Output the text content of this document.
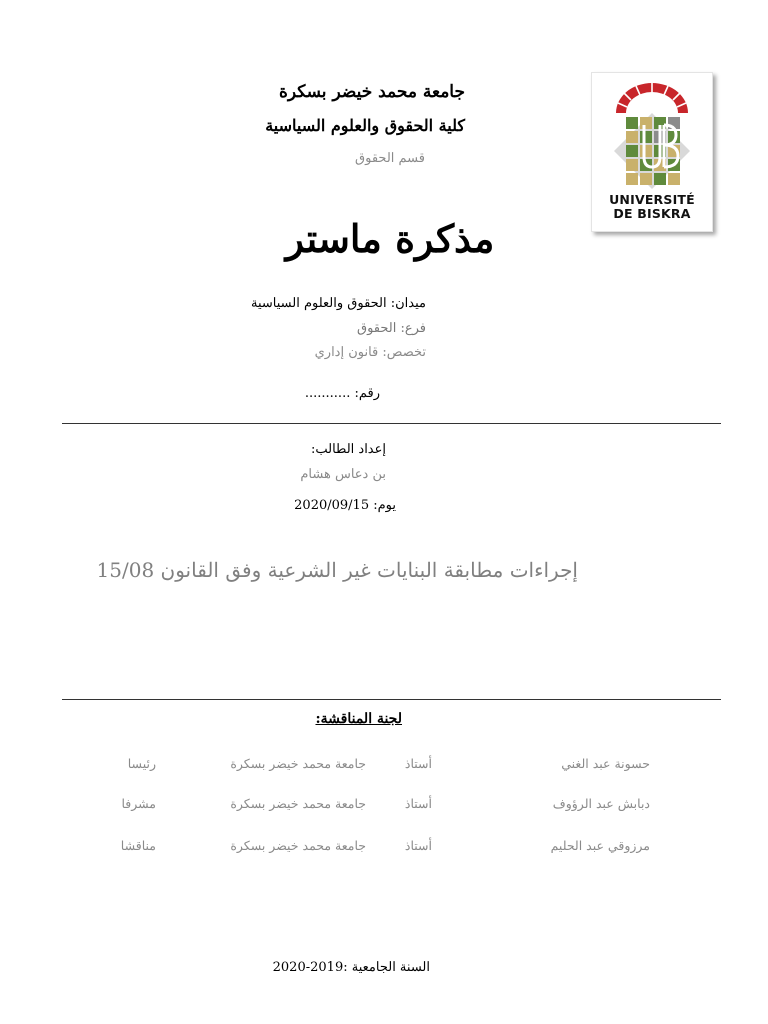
جامعة محمد خيضر بسكرة
كلية الحقوق والعلوم السياسية
قسم الحقوق
UNIVERSITÉ
DE BISKRA
مذكرة ماستر
ميدان: الحقوق والعلوم السياسية
فرع: الحقوق
تخصص: قانون إداري
رقم: ...........
إعداد الطالب:
بن دعاس هشام
يوم: 2020/09/15
إجراءات مطابقة البنايات غير الشرعية وفق القانون 15/08
لجنة المناقشة:
حسونة عبد الغني
أستاذ
جامعة محمد خيضر بسكرة
رئيسا
دبابش عبد الرؤوف
أستاذ
جامعة محمد خيضر بسكرة
مشرفا
مرزوقي عبد الحليم
أستاذ
جامعة محمد خيضر بسكرة
مناقشا
السنة الجامعية :2019-2020
